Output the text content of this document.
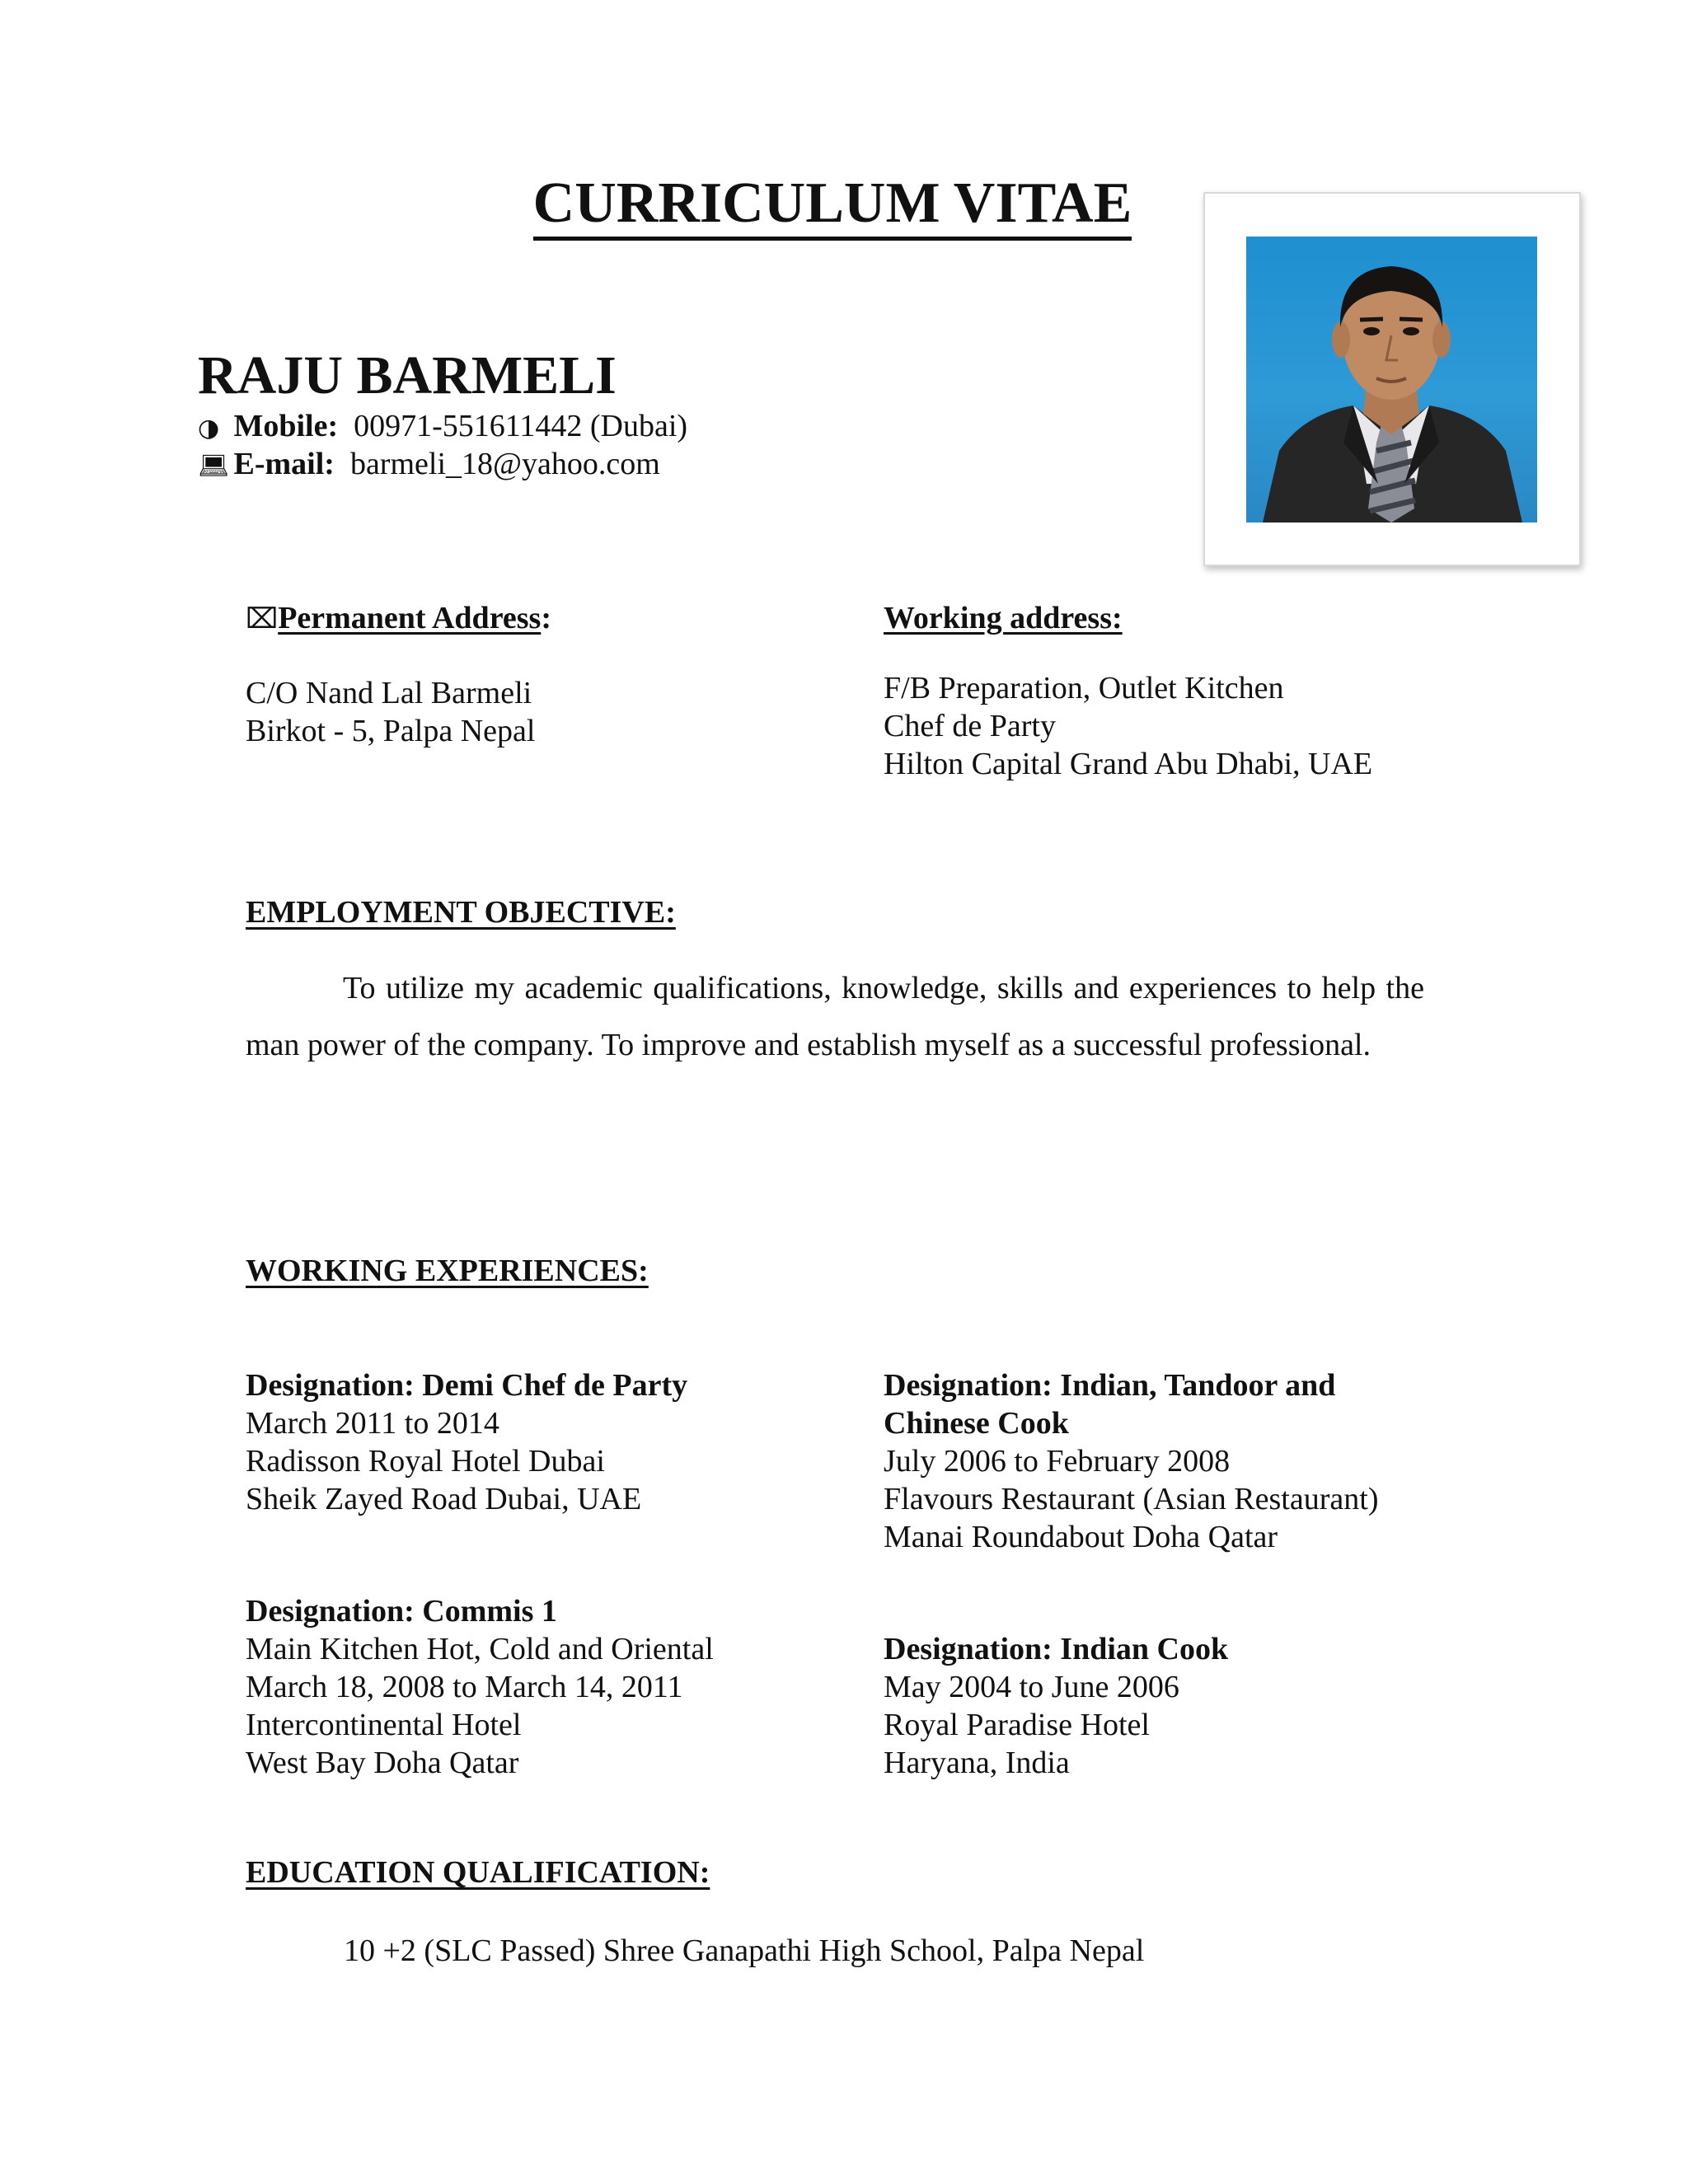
CURRICULUM VITAE
RAJU BARMELI
◑ Mobile: 00971-551611442 (Dubai)
💻︎ E-mail: barmeli_18@yahoo.com
⌧Permanent Address:
C/O Nand Lal Barmeli
Birkot - 5, Palpa Nepal
Working address:
F/B Preparation, Outlet Kitchen
Chef de Party
Hilton Capital Grand Abu Dhabi, UAE
EMPLOYMENT OBJECTIVE:
To utilize my academic qualifications, knowledge, skills and experiences to help the man power of the company. To improve and establish myself as a successful professional.
WORKING EXPERIENCES:
Designation: Demi Chef de Party
March 2011 to 2014
Radisson Royal Hotel Dubai
Sheik Zayed Road Dubai, UAE
Designation: Indian, Tandoor and
Chinese Cook
July 2006 to February 2008
Flavours Restaurant (Asian Restaurant)
Manai Roundabout Doha Qatar
Designation: Commis 1
Main Kitchen Hot, Cold and Oriental
March 18, 2008 to March 14, 2011
Intercontinental Hotel
West Bay Doha Qatar
Designation: Indian Cook
May 2004 to June 2006
Royal Paradise Hotel
Haryana, India
EDUCATION QUALIFICATION:
10 +2 (SLC Passed) Shree Ganapathi High School, Palpa Nepal
